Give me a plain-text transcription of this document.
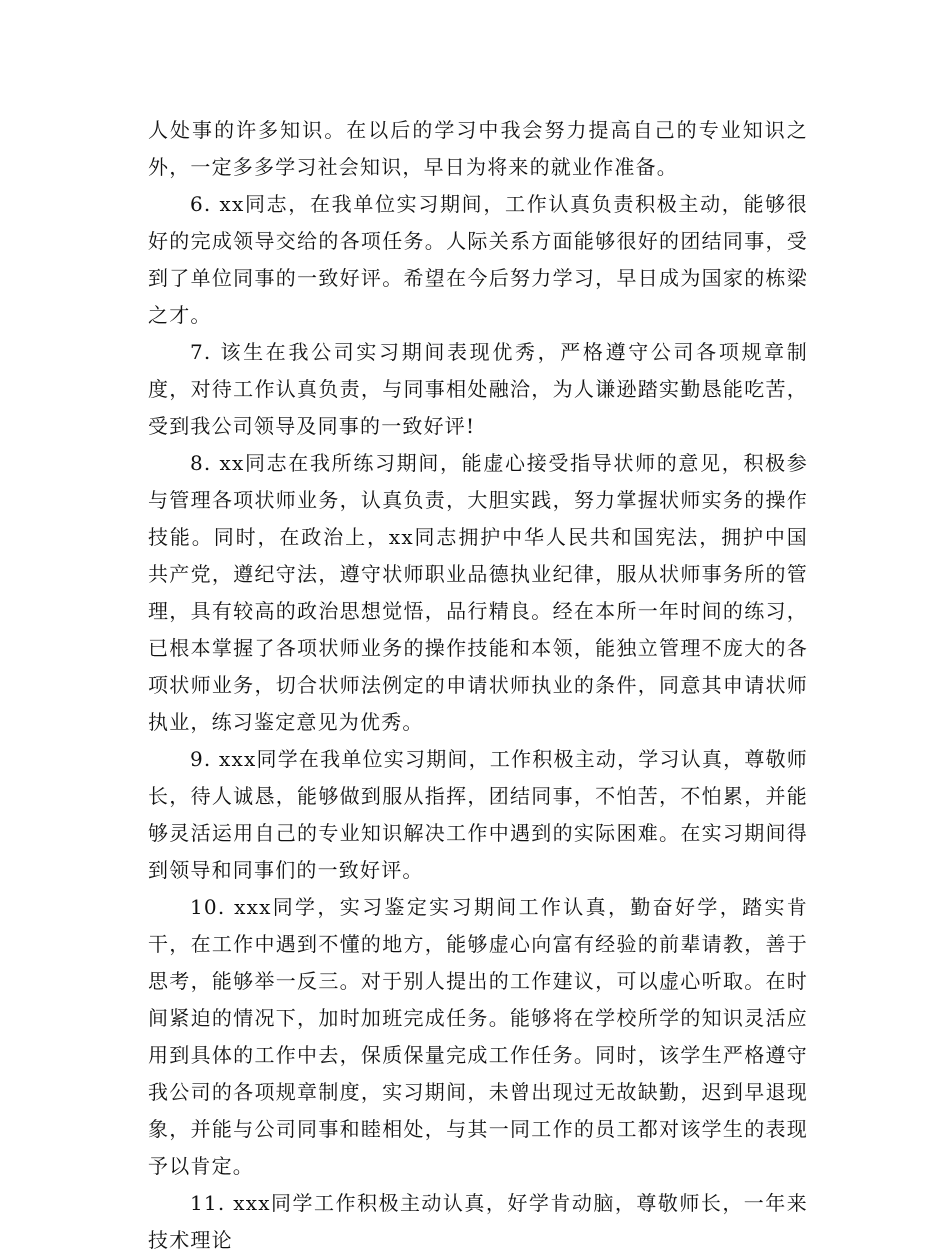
人处事的许多知识。在以后的学习中我会努力提高自己的专业知识之外，一定多多学习社会知识，早日为将来的就业作准备。

6. xx同志，在我单位实习期间，工作认真负责积极主动，能够很好的完成领导交给的各项任务。人际关系方面能够很好的团结同事，受到了单位同事的一致好评。希望在今后努力学习，早日成为国家的栋梁之才。

7. 该生在我公司实习期间表现优秀，严格遵守公司各项规章制度，对待工作认真负责，与同事相处融洽，为人谦逊踏实勤恳能吃苦，受到我公司领导及同事的一致好评!

8. xx同志在我所练习期间，能虚心接受指导状师的意见，积极参与管理各项状师业务，认真负责，大胆实践，努力掌握状师实务的操作技能。同时，在政治上，xx同志拥护中华人民共和国宪法，拥护中国共产党，遵纪守法，遵守状师职业品德执业纪律，服从状师事务所的管理，具有较高的政治思想觉悟，品行精良。经在本所一年时间的练习，已根本掌握了各项状师业务的操作技能和本领，能独立管理不庞大的各项状师业务，切合状师法例定的申请状师执业的条件，同意其申请状师执业，练习鉴定意见为优秀。

9. xxx同学在我单位实习期间，工作积极主动，学习认真，尊敬师长，待人诚恳，能够做到服从指挥，团结同事，不怕苦，不怕累，并能够灵活运用自己的专业知识解决工作中遇到的实际困难。在实习期间得到领导和同事们的一致好评。

10. xxx同学，实习鉴定实习期间工作认真，勤奋好学，踏实肯干，在工作中遇到不懂的地方，能够虚心向富有经验的前辈请教，善于思考，能够举一反三。对于别人提出的工作建议，可以虚心听取。在时间紧迫的情况下，加时加班完成任务。能够将在学校所学的知识灵活应用到具体的工作中去，保质保量完成工作任务。同时，该学生严格遵守我公司的各项规章制度，实习期间，未曾出现过无故缺勤，迟到早退现象，并能与公司同事和睦相处，与其一同工作的员工都对该学生的表现予以肯定。

11. xxx同学工作积极主动认真，好学肯动脑，尊敬师长，一年来技术理论
